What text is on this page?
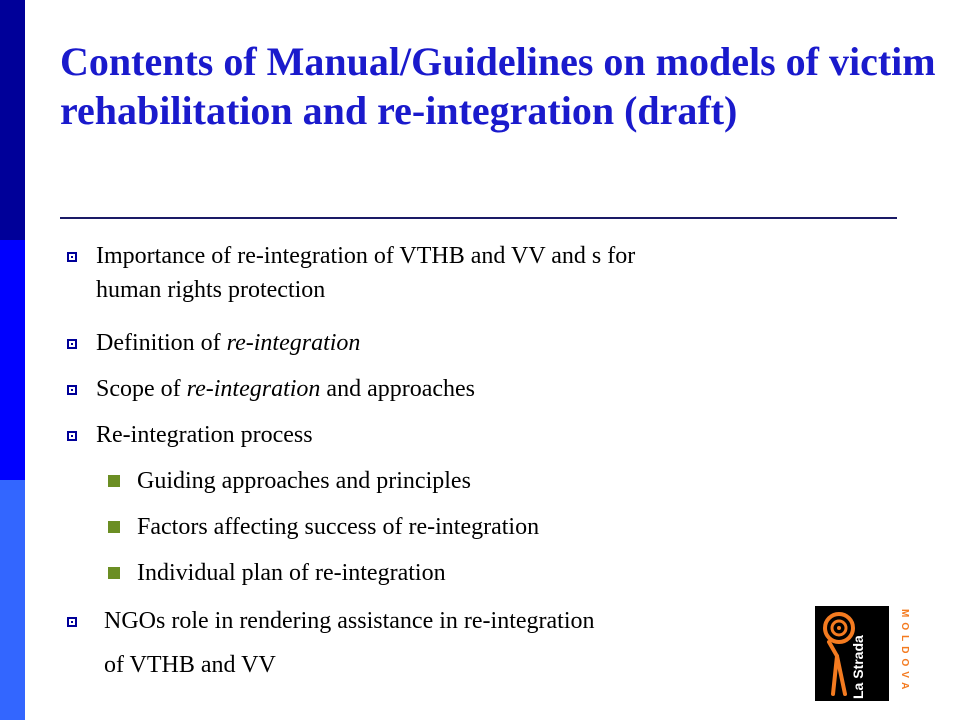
Contents of Manual/Guidelines on models of victim rehabilitation and re-integration (draft)
Importance of re-integration of VTHB and VV and s for
human rights protection
Definition of re-integration
Scope of re-integration and approaches
Re-integration process
Guiding approaches and principles
Factors affecting success of re-integration
Individual plan of re-integration
NGOs role in rendering assistance in re-integration
of VTHB and VV	La Strada	MOLDOVA
